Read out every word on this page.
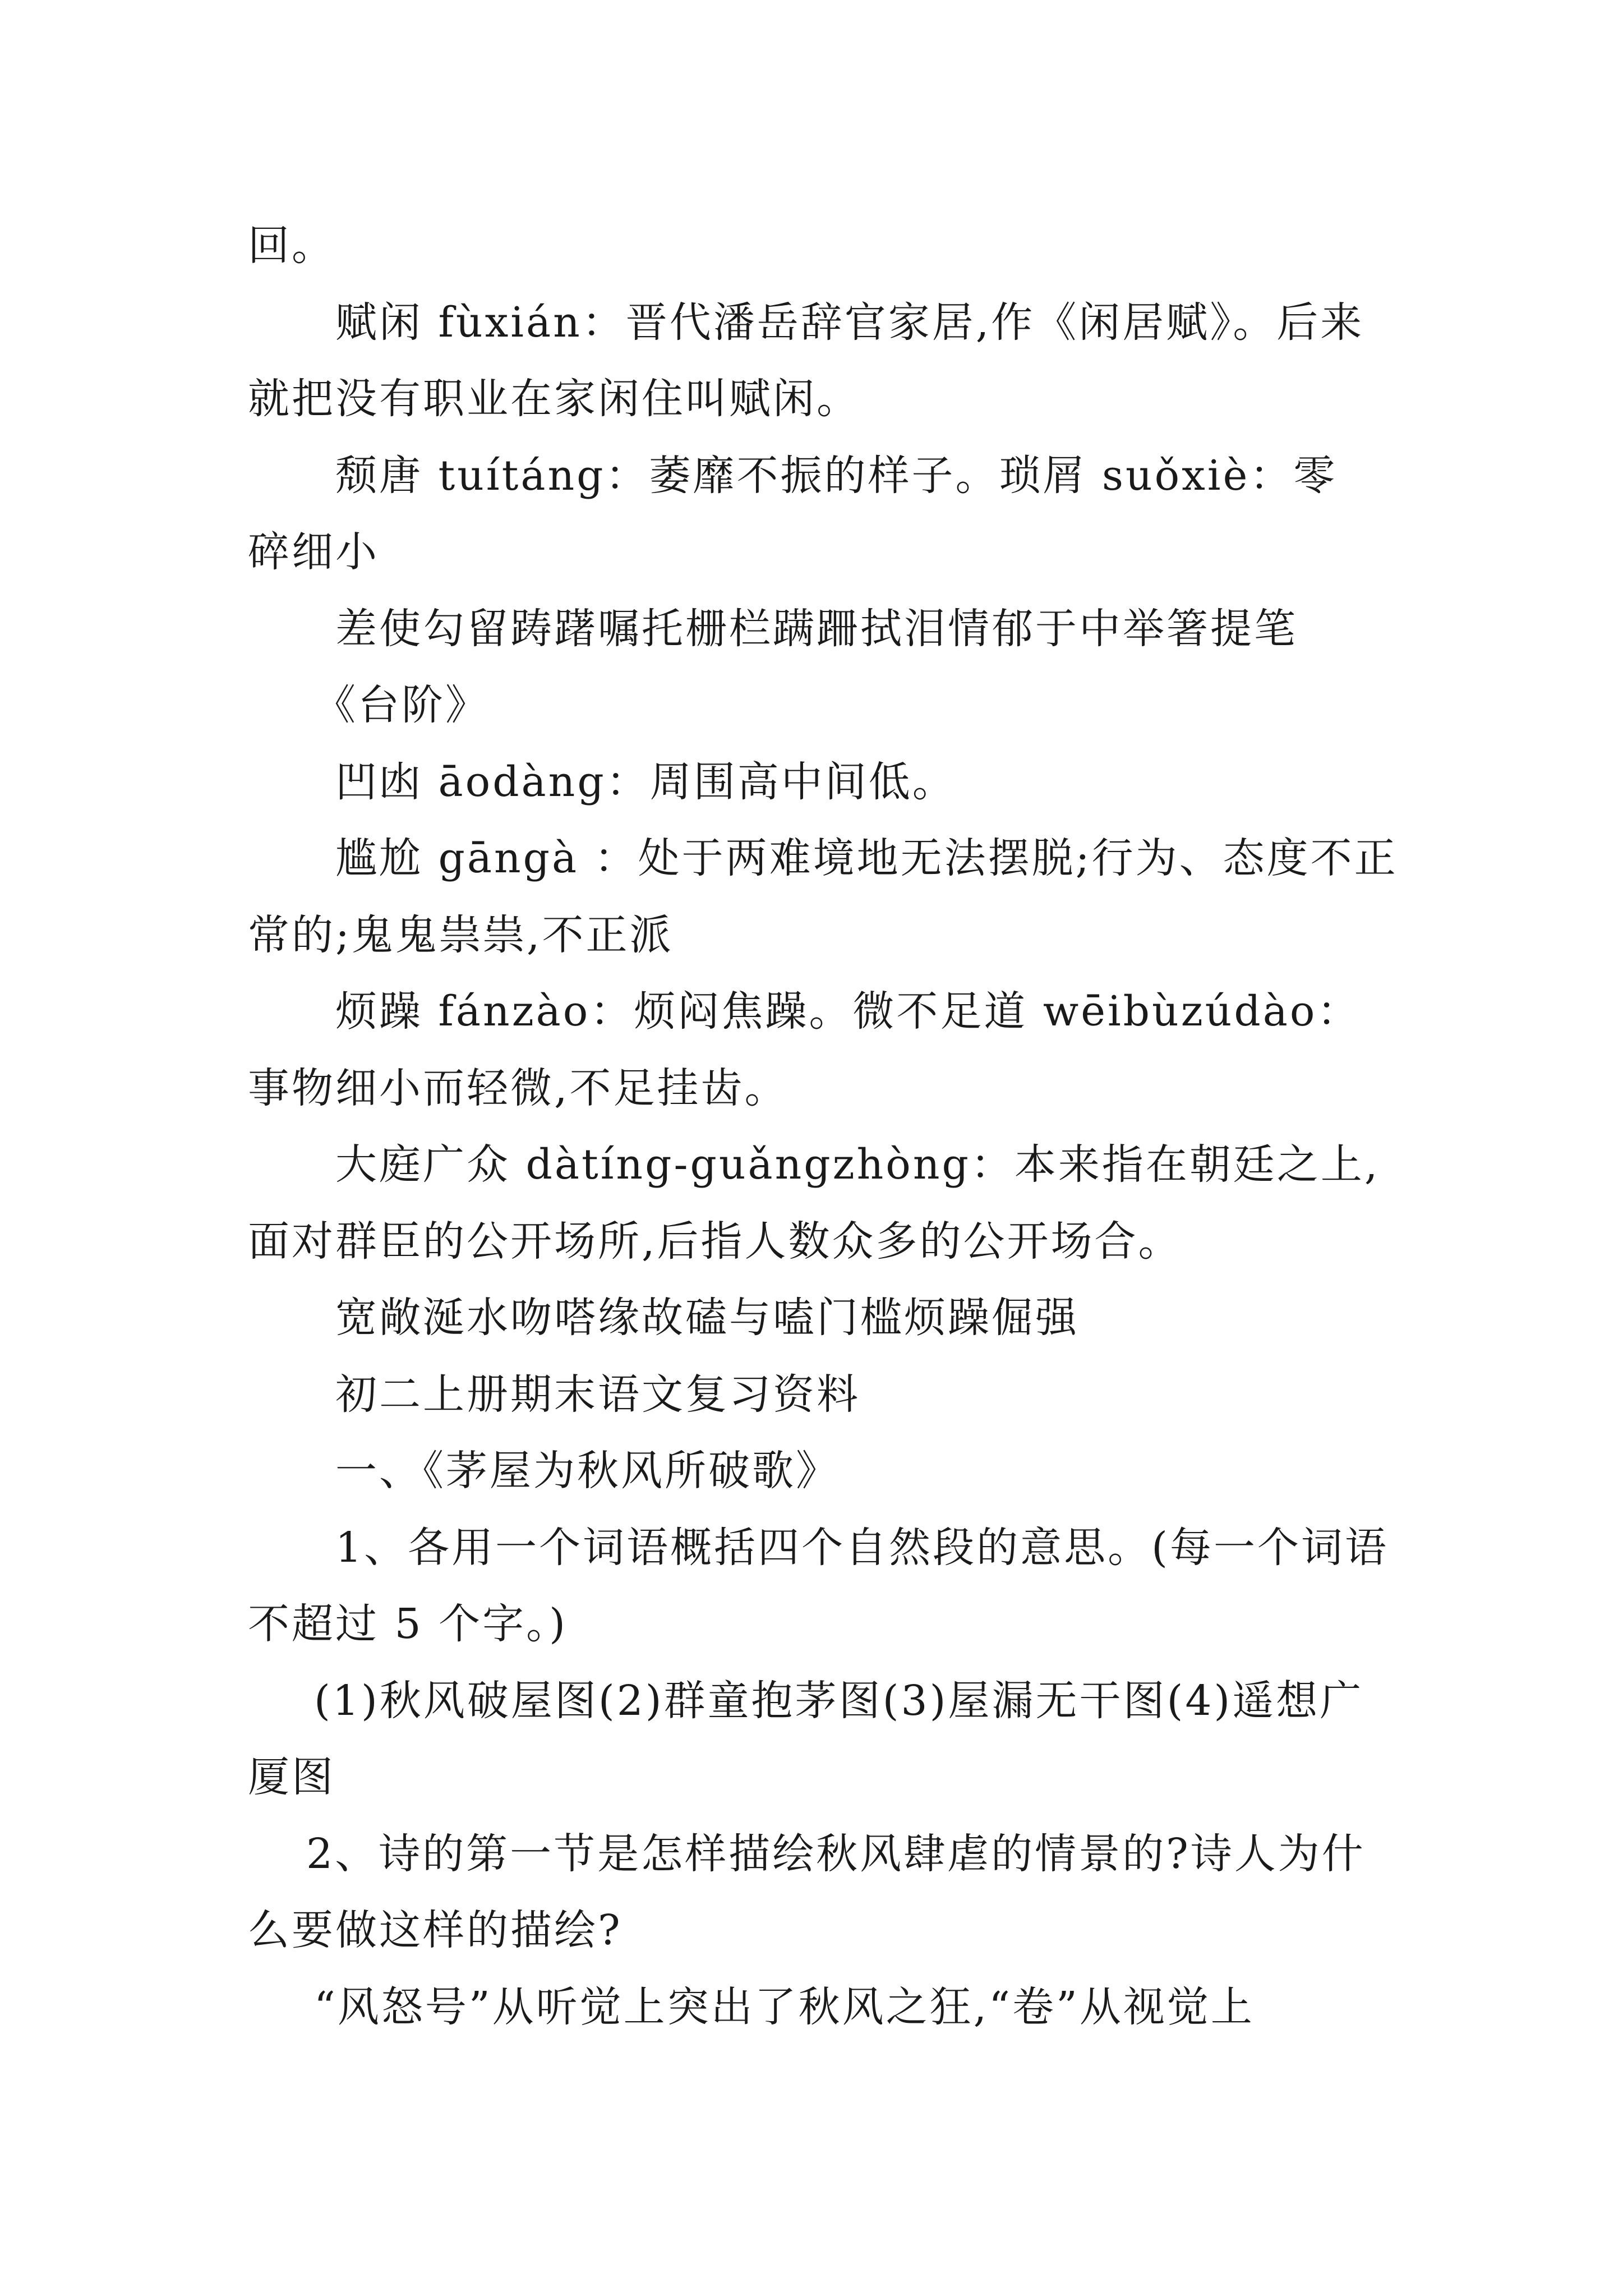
回。
赋闲 fùxián：晋代潘岳辞官家居,作《闲居赋》。后来
就把没有职业在家闲住叫赋闲。
颓唐 tuítáng：萎靡不振的样子。琐屑 suǒxiè：零
碎细小
差使勾留踌躇嘱托栅栏蹒跚拭泪情郁于中举箸提笔
《台阶》
凹凼 āodàng：周围高中间低。
尴尬 gāngà ：处于两难境地无法摆脱;行为、态度不正
常的;鬼鬼祟祟,不正派
烦躁 fánzào：烦闷焦躁。微不足道 wēibùzúdào：
事物细小而轻微,不足挂齿。
大庭广众 dàtíng-guǎngzhòng：本来指在朝廷之上,
面对群臣的公开场所,后指人数众多的公开场合。
宽敞涎水吻嗒缘故磕与嗑门槛烦躁倔强
初二上册期末语文复习资料
一、《茅屋为秋风所破歌》
1、各用一个词语概括四个自然段的意思。(每一个词语
不超过 5 个字。)
(1)秋风破屋图(2)群童抱茅图(3)屋漏无干图(4)遥想广
厦图
2、诗的第一节是怎样描绘秋风肆虐的情景的?诗人为什
么要做这样的描绘?
“风怒号”从听觉上突出了秋风之狂,“卷”从视觉上
